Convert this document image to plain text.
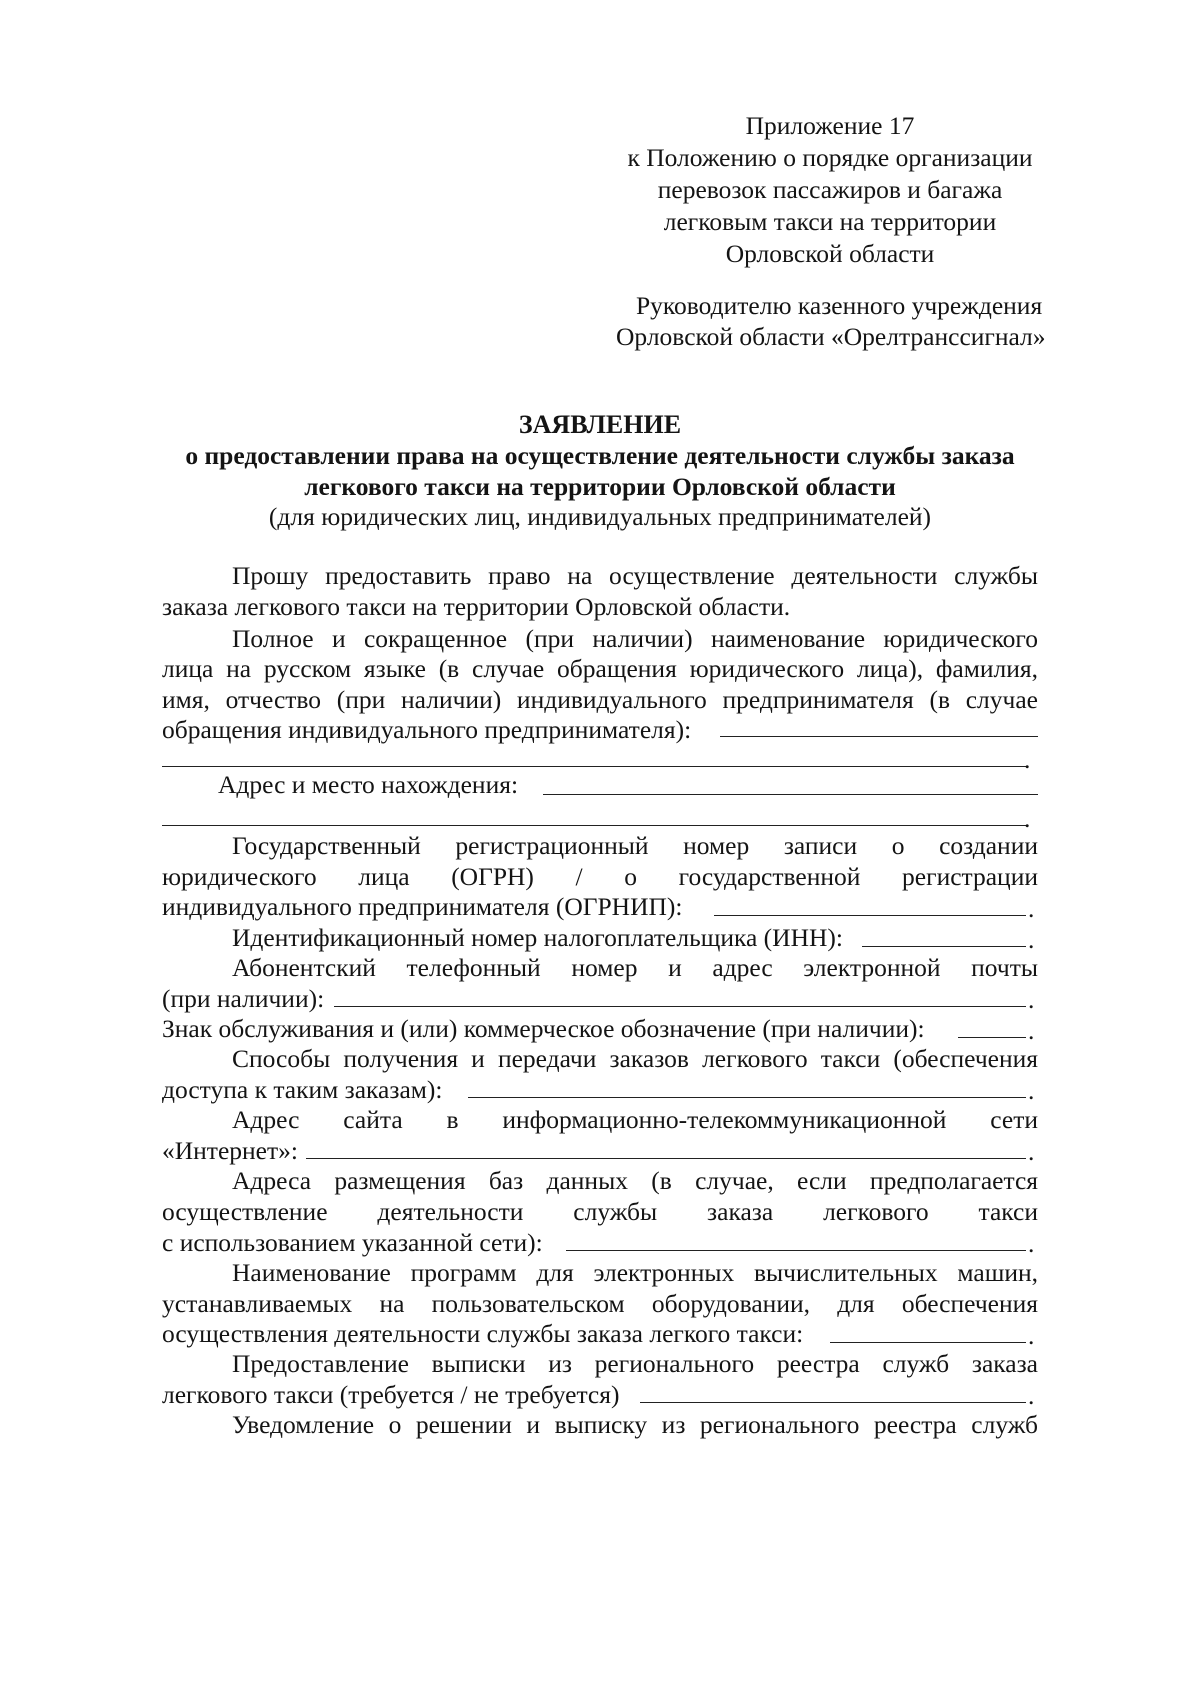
Приложение 17
к Положению о порядке организации
перевозок пассажиров и багажа
легковым такси на территории
Орловской области
Руководителю казенного учреждения
Орловской области «Орелтранссигнал»
ЗАЯВЛЕНИЕ
о предоставлении права на осуществление деятельности службы заказа
легкового такси на территории Орловской области
(для юридических лиц, индивидуальных предпринимателей)
Прошу предоставить право на осуществление деятельности службы
заказа легкового такси на территории Орловской области.
Полное и сокращенное (при наличии) наименование юридического
лица на русском языке (в случае обращения юридического лица), фамилия,
имя, отчество (при наличии) индивидуального предпринимателя (в случае
обращения индивидуального предпринимателя):
.
Адрес и место нахождения:
.
Государственный регистрационный номер записи о создании
юридического лица (ОГРН) / о государственной регистрации
индивидуального предпринимателя (ОГРНИП):	.
Идентификационный номер налогоплательщика (ИНН):	.
Абонентский телефонный номер и адрес электронной почты
(при наличии):	.
Знак обслуживания и (или) коммерческое обозначение (при наличии):	.
Способы получения и передачи заказов легкового такси (обеспечения
доступа к таким заказам):	.
Адрес сайта в информационно-телекоммуникационной сети
«Интернет»:	.
Адреса размещения баз данных (в случае, если предполагается
осуществление деятельности службы заказа легкового такси
с использованием указанной сети):	.
Наименование программ для электронных вычислительных машин,
устанавливаемых на пользовательском оборудовании, для обеспечения
осуществления деятельности службы заказа легкого такси:	.
Предоставление выписки из регионального реестра служб заказа
легкового такси (требуется / не требуется)	.
Уведомление о решении и выписку из регионального реестра служб
